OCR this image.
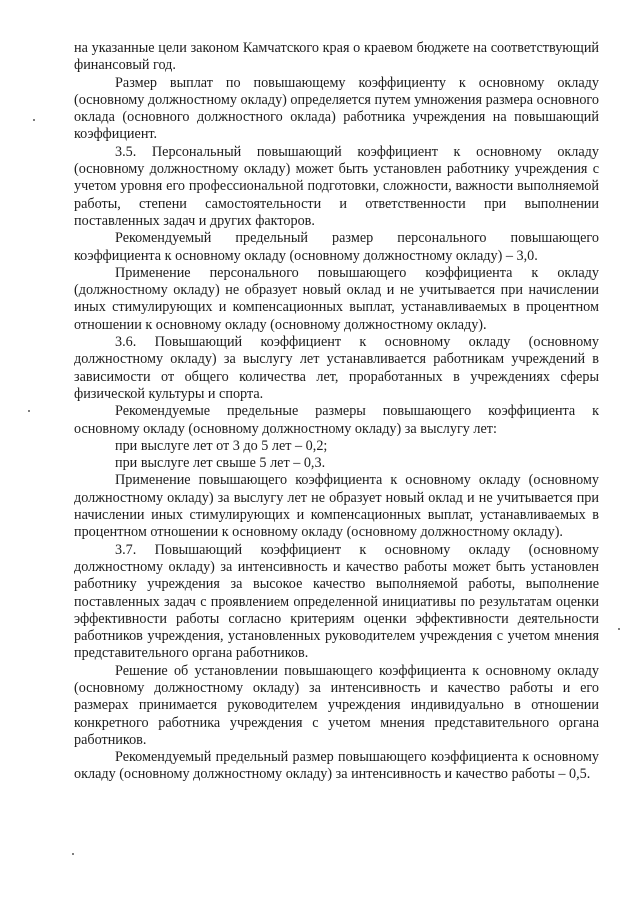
на указанные цели законом Камчатского края о краевом бюджете на соответствующий финансовый год.

Размер выплат по повышающему коэффициенту к основному окладу (основному должностному окладу) определяется путем умножения размера основного оклада (основного должностного оклада) работника учреждения на повышающий коэффициент.

3.5. Персональный повышающий коэффициент к основному окладу (основному должностному окладу) может быть установлен работнику учреждения с учетом уровня его профессиональной подготовки, сложности, важности выполняемой работы, степени самостоятельности и ответственности при выполнении поставленных задач и других факторов.

Рекомендуемый предельный размер персонального повышающего коэффициента к основному окладу (основному должностному окладу) – 3,0.

Применение персонального повышающего коэффициента к окладу (должностному окладу) не образует новый оклад и не учитывается при начислении иных стимулирующих и компенсационных выплат, устанавливаемых в процентном отношении к основному окладу (основному должностному окладу).

3.6. Повышающий коэффициент к основному окладу (основному должностному окладу) за выслугу лет устанавливается работникам учреждений в зависимости от общего количества лет, проработанных в учреждениях сферы физической культуры и спорта.

Рекомендуемые предельные размеры повышающего коэффициента к основному окладу (основному должностному окладу) за выслугу лет:

при выслуге лет от 3 до 5 лет – 0,2;

при выслуге лет свыше 5 лет – 0,3.

Применение повышающего коэффициента к основному окладу (основному должностному окладу) за выслугу лет не образует новый оклад и не учитывается при начислении иных стимулирующих и компенсационных выплат, устанавливаемых в процентном отношении к основному окладу (основному должностному окладу).

3.7. Повышающий коэффициент к основному окладу (основному должностному окладу) за интенсивность и качество работы может быть установлен работнику учреждения за высокое качество выполняемой работы, выполнение поставленных задач с проявлением определенной инициативы по результатам оценки эффективности работы согласно критериям оценки эффективности деятельности работников учреждения, установленных руководителем учреждения с учетом мнения представительного органа работников.

Решение об установлении повышающего коэффициента к основному окладу (основному должностному окладу) за интенсивность и качество работы и его размерах принимается руководителем учреждения индивидуально в отношении конкретного работника учреждения с учетом мнения представительного органа работников.

Рекомендуемый предельный размер повышающего коэффициента к основному окладу (основному должностному окладу) за интенсивность и качество работы – 0,5.
